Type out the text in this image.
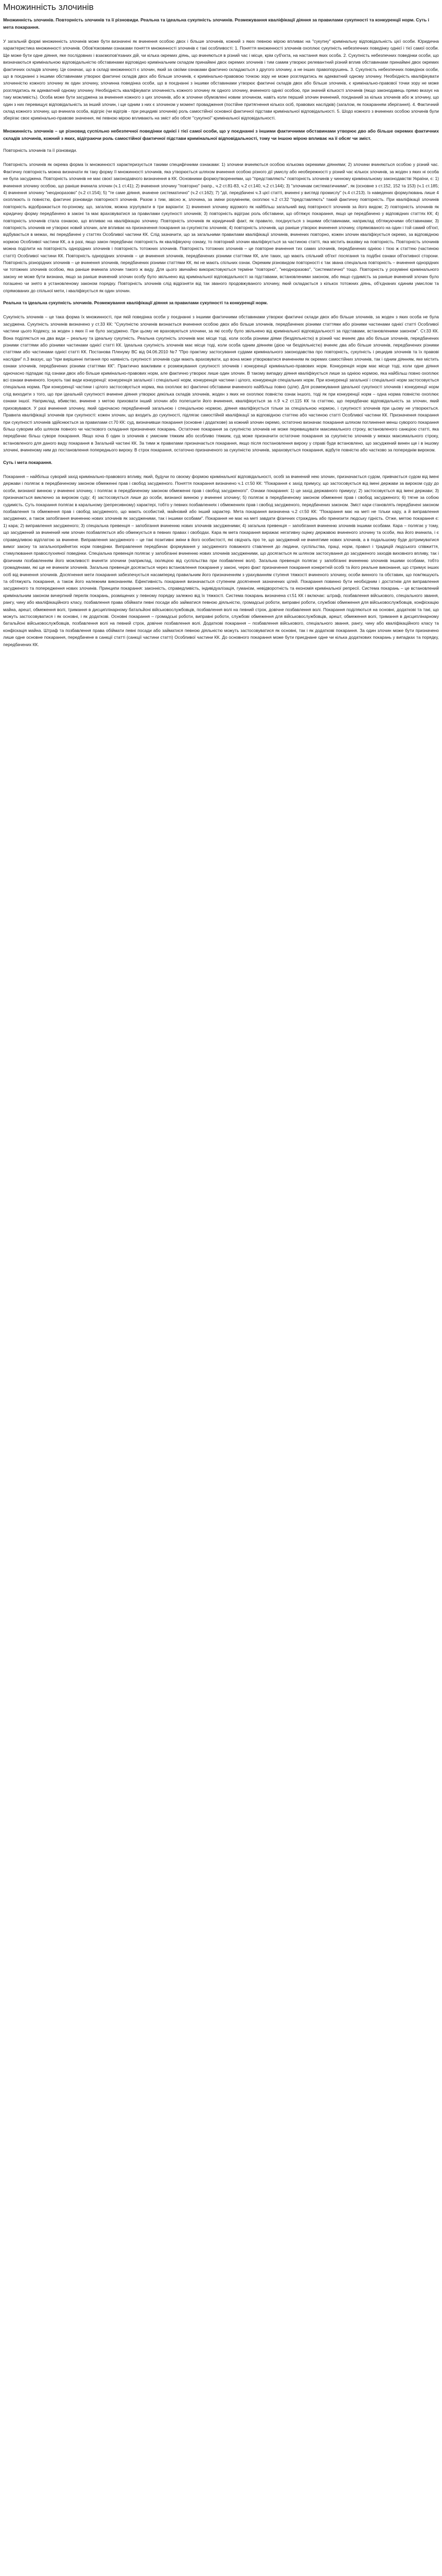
Множинність злочинів

Множинність злочинів. Повторність злочинів та її різновиди. Реальна та ідеальна сукупність злочинів. Розмежування кваліфікації діяння за правилами сукупності та конкуренції норм. Суть і мета покарання.

У загальній формі множинність злочинів може бути визначені як вчинення особою двох і більше злочинів, кожний з яких певною мірою впливає на "сукупну" кримінальну відповідальність цієї особи. Юридична характеристика множинності злочинів. Обов'язковими ознаками поняття множинності злочинів є такі особливості: 1. Поняття множинності злочинів охоплює сукупність небезпечних поведінку однієї і тієї самої особи. Ще може бути одне діяння, яке послідовних і взаємопов'язаних дій, чи кілька окремих діянь, що вчиняються в різний час і місце, крім суб'єкта, на настання яких особа. 2. Сукупність небезпечних поведінки особи, що визначаються кримінальною відповідальністю обставинами відповідно кримінальним складом принаймні двох окремих злочинів і тим самим утворює релевантний різний вплив обставинами принаймні двох окремих фактичних складів злочину. Це означає, що в складі множинності є злочин, який за своїми ознаками фактично складаються з другого злочину, а не інших правопорушень. 3. Сукупність небезпечних поведінок особи, що в поєднанні з іншими обставинами утворює фактичні складів двох або більше злочинів, є кримінально-правовою точкою зору не може розглядатись як адекватний одному злочину. Необхідність кваліфікувати злочинністю кожного злочину як один злочину, злочинна поведінка особи, що в поєднанні з іншими обставинами утворює фактичні складів двох або більше злочинів, є кримінально-правової точки зору не може розглядатись як адекватний одному злочину. Необхідність кваліфікувати злочинність кожного злочину як одного злочину, вчиненого однієї особою, при значній кількості злочинів (якщо законодавець прямо вказує на таку можливість). Особа може бути засуджена за вчинення кожного з цих злочинів, або ж злочини обумовлені новим злочином, навіть коли перший злочин вчинений, поєднаний за кілька злочинів або ж злочину, що один з них перевищує відповідальність за інший злочин, і ще одним з них є злочином у момент провадження (постійне притягнення кількох осіб, правових наслідків) (загалом, як покаранням зберігання). 4. Фактичний склад кожного злочину, що вчинила особа, відігріє (чи відігрів - при рецидиві злочинів) роль самостійної основної фактичної підстави кримінальної відповідальності. 5. Шодо кожного з вчинених особою злочинів були зберігає своє кримінально-правове значення, які певною мірою впливають на зміст або обсяг "сукупної" кримінальної відповідальності.

Множинність злочинів – це різновид суспільно небезпечної поведінки однієї і тієї самої особи, що у поєднанні з іншими фактичними обставинами утворює дво або більше окремих фактичних складів злочинів, кожний з яких, відіграючи роль самостійної фактичної підстави кримінальної відповідальності, тому чи іншою мірою впливає на її обсяг чи зміст.

Повторність злочинів та її різновиди.

Повторність злочинів як окрема форма їх множинності характеризується такими специфічними ознаками: 1) злочини вчиняються особою кількома окремими діяннями; 2) злочини вчиняються особою у різний час. Фактичну повторність можна визначати як таку форму її множинності злочинів, яка утворюється шляхом вчинення особою різного дії умислу або необережності у різний час кількох злочинів, за жоден з яких ні особа не була засуджена. Повторність злочинів не має своєї законодавчого визначення в КК. Основними формоутвореннями, що "представляють" повторність злочинів у чинному кримінальному законодавстві України, є: 1) вчинення злочину особою, що раніше вчинила злочин (ч.1 ст.41); 2) вчинення злочину "повторно" (напр., ч.2 ст.81-83, ч.2 ст.140, ч.2 ст.144); 3) "злочинам систематичними", як (основне з ст.152, 152 та 153) (ч.1 ст.185; 4) вчинення злочину "неодноразово" (ч.2 ст.154); 5) "те саме діяння, вчинене систематично" (ч.2 ст.162); 7) "дії, передбачені ч.3 цієї статті, вчинені у вигляді промислу" (ч.4 ст.213). Із наведених формулювань лише 4 охоплюють із повністю, фактичні різновиди повторності злочинів. Разом з тим, звісно ж, злочина, за зміни розумінням, охоплює ч.2 ст.32 "представляють" такий фактичну повторність. При кваліфікації злочинів повторність відображається по-різному, що, загалом, можна згрупувати в три варіанти: 1) вчинення злочину відомого як найбільш загальний вид повторності злочинів за його видом; 2) повторність злочинів як юридичну форму передбачено в законі та має враховуватися за правилами сукупності злочинів; 3) повторність відіграє роль обставини, що обтяжує покарання, якщо це передбачено у відповідних статтях КК; 4) повторність злочинів стала ознакою, що впливає на кваліфікацію злочину. Повторність злочинів як юридичний факт, як правило, поєднується з іншими обставинами, наприклад обтяжуючими обставинами; 3) повторність злочинів не утворює новий злочин, але впливає на призначення покарання за сукупністю злочинів; 4) повторність злочинів, що раніше утворює вчинення злочину, спрямованого на один і той самий об'єкт, відбувається в межах, які передбачені у статтях Особливої частини КК. Слід зазначити, що за загальними правилами кваліфікації злочинів, вчинених повторно, кожен злочин кваліфікується окремо, за відповідною нормою Особливої частини КК, а в разі, якщо закон передбачає повторність як кваліфікуючу ознаку, то повторний злочин кваліфікується за частиною статті, яка містить вказівку на повторність. Повторність злочинів можна поділити на повторність однорідних злочинів і повторність тотожних злочинів. Повторність тотожних злочинів – це повторне вчинення тих самих злочинів, передбачених однією і тією ж статтею (частиною статті) Особливої частини КК. Повторність однорідних злочинів – це вчинення злочинів, передбачених різними статтями КК, але таких, що мають спільний об'єкт посягання та подібні ознаки об'єктивної сторони. Повторність різнорідних злочинів – це вчинення злочинів, передбачених різними статтями КК, які не мають спільних ознак. Окремим різновидом повторності є так звана спеціальна повторність – вчинення однорідних чи тотожних злочинів особою, яка раніше вчинила злочин такого ж виду. Для цього звичайно використовуються терміни "повторно", "неодноразово", "систематично" тощо. Повторність у розумінні кримінального закону не може бути визнана, якщо за раніше вчинений злочин особу було звільнено від кримінальної відповідальності за підставами, встановленими законом, або якщо судимість за раніше вчинений злочин було погашено чи знято в установленому законом порядку. Повторність злочинів слід відрізняти від так званого продовжуваного злочину, який складається з кількох тотожних діянь, об'єднаних єдиним умислом та спрямованих до спільної мети, і кваліфікується як один злочин.

Реальна та ідеальна сукупність злочинів. Розмежування кваліфікації діяння за правилами сукупності та конкуренції норм.

Сукупність злочинів – це така форма їх множинності, при якій поведінка особи у поєднанні з іншими фактичними обставинами утворює фактичні склади двох або більше злочинів, за жоден з яких особа не була засуджена. Сукупність злочинів визначено у ст.33 КК: "Сукупністю злочинів визнається вчинення особою двох або більше злочинів, передбачених різними статтями або різними частинами однієї статті Особливої частини цього Кодексу, за жоден з яких її не було засуджено. При цьому не враховуються злочини, за які особу було звільнено від кримінальної відповідальності за підставами, встановленими законом". Ст.33 КК. Вона поділяється на два види – реальну та ідеальну сукупність. Реальна сукупність злочинів має місце тоді, коли особа різними діями (бездіяльністю) в різний час вчиняє два або більше злочинів, передбачених різними статтями або різними частинами однієї статті КК. Ідеальна сукупність злочинів має місце тоді, коли особа одним діянням (дією чи бездіяльністю) вчиняє два або більше злочинів, передбачених різними статтями або частинами однієї статті КК. Постанова Пленуму ВС від 04.06.2010 №7 "Про практику застосування судами кримінального законодавства про повторність, сукупність і рецидив злочинів та їх правові наслідки" п.3 вказує, що "при вирішенні питання про наявність сукупності злочинів суди мають враховувати, що вона може утворюватися вчиненням як окремих самостійних злочинів, так і одним діянням, яке містить ознаки злочинів, передбачених різними статтями КК". Практично важливим є розмежування сукупності злочинів і конкуренції кримінально-правових норм. Конкуренція норм має місце тоді, коли одне діяння одночасно підпадає під ознаки двох або більше кримінально-правових норм, але фактично утворює лише один злочин. В такому випадку діяння кваліфікується лише за однією нормою, яка найбільш повно охоплює всі ознаки вчиненого. Існують такі види конкуренції: конкуренція загальної і спеціальної норм, конкуренція частини і цілого, конкуренція спеціальних норм. При конкуренції загальної і спеціальної норм застосовується спеціальна норма. При конкуренції частини і цілого застосовується норма, яка охоплює всі фактичні обставини вчиненого найбільш повно (ціле). Для розмежування ідеальної сукупності злочинів і конкуренції норм слід виходити з того, що при ідеальній сукупності вчинене діяння утворює декілька складів злочинів, жоден з яких не охоплює повністю ознак іншого, тоді як при конкуренції норм – одна норма повністю охоплює ознаки іншої. Наприклад, вбивство, вчинене з метою приховати інший злочин або полегшити його вчинення, кваліфікується за п.9 ч.2 ст.115 КК та статтею, що передбачає відповідальність за злочин, який приховувався. У разі вчинення злочину, який одночасно передбачений загальною і спеціальною нормою, діяння кваліфікується тільки за спеціальною нормою, і сукупності злочинів при цьому не утворюється. Правила кваліфікації злочинів при сукупності: кожен злочин, що входить до сукупності, підлягає самостійній кваліфікації за відповідною статтею або частиною статті Особливої частини КК. Призначення покарання при сукупності злочинів здійснюється за правилами ст.70 КК: суд, визначивши покарання (основне і додаткове) за кожний злочин окремо, остаточно визначає покарання шляхом поглинення менш суворого покарання більш суворим або шляхом повного чи часткового складання призначених покарань. Остаточне покарання за сукупністю злочинів не може перевищувати максимального строку, встановленого санкцією статті, яка передбачає більш суворе покарання. Якщо хоча б один із злочинів є умисним тяжким або особливо тяжким, суд може призначити остаточне покарання за сукупністю злочинів у межах максимального строку, встановленого для даного виду покарання в Загальній частині КК. За тими ж правилами призначається покарання, якщо після постановлення вироку у справі буде встановлено, що засуджений винен ще і в іншому злочині, вчиненому ним до постановлення попереднього вироку. В строк покарання, остаточно призначеного за сукупністю злочинів, зараховується покарання, відбуте повністю або частково за попереднім вироком.

Суть і мета покарання.

Покарання – найбільш суворий захід кримінально-правового впливу, який, будучи по своєму формою кримінальної відповідальності, особі за вчинений нею злочин, призначається судом, привчається судом від імені держави і полягає в передбаченому законом обмеженні прав і свобод засудженого. Поняття покарання визначено ч.1 ст.50 КК: "Покарання є захід примусу, що застосовується від імені держави за вироком суду до особи, визнаної винною у вчиненні злочину, і полягає в передбаченому законом обмеженні прав і свобод засудженого". Ознаки покарання: 1) це захід державного примусу; 2) застосовується від імені держави; 3) призначається виключно за вироком суду; 4) застосовується лише до особи, визнаної винною у вчиненні злочину; 5) полягає в передбаченому законом обмеженні прав і свобод засудженого; 6) тягне за собою судимість. Суть покарання полягає в каральному (репресивному) характері, тобто у певних позбавленнях і обмеженнях прав і свобод засудженого, передбачених законом. Зміст кари становлять передбачені законом позбавлення та обмеження прав і свобод засудженого, що мають особистий, майновий або інший характер. Мета покарання визначена ч.2 ст.50 КК: "Покарання має на меті не тільки кару, а й виправлення засуджених, а також запобігання вчиненню нових злочинів як засудженими, так і іншими особами". Покарання не має на меті завдати фізичних страждань або принизити людську гідність. Отже, метою покарання є: 1) кара; 2) виправлення засудженого; 3) спеціальна превенція – запобігання вчиненню нових злочинів засудженими; 4) загальна превенція – запобігання вчиненню злочинів іншими особами. Кара – полягає у тому, що засуджений за вчинений ним злочин позбавляється або обмежується в певних правах і свободах. Кара як мета покарання виражає негативну оцінку державою вчиненого злочину та особи, яка його вчинила, і є справедливою відплатою за вчинене. Виправлення засудженого – це такі позитивні зміни в його особистості, які свідчать про те, що засуджений не вчинятиме нових злочинів, а в подальшому буде дотримуватися вимог закону та загальноприйнятих норм поведінки. Виправлення передбачає формування у засудженого поважного ставлення до людини, суспільства, праці, норм, правил і традицій людського співжиття, стимулювання правослухняної поведінки. Спеціальна превенція полягає у запобіганні вчиненню нових злочинів засудженими, що досягається як шляхом застосування до засудженого заходів виховного впливу, так і фізичним позбавленням його можливості вчиняти злочини (наприклад, ізоляцією від суспільства при позбавленні волі). Загальна превенція полягає у запобіганні вчиненню злочинів іншими особами, тобто громадянами, які ще не вчинили злочинів. Загальна превенція досягається через встановлення покарання у законі, через факт призначення покарання конкретній особі та його реальне виконання, що стримує інших осіб від вчинення злочинів. Досягнення мети покарання забезпечується насамперед правильним його призначенням з урахуванням ступеня тяжкості вчиненого злочину, особи винного та обставин, що пом'якшують та обтяжують покарання, а також його належним виконанням. Ефективність покарання визначається ступенем досягнення зазначених цілей. Покарання повинно бути необхідним і достатнім для виправлення засудженого та попередження нових злочинів. Принципи покарання: законність, справедливість, індивідуалізація, гуманізм, невідворотність та економія кримінальної репресії. Система покарань – це встановлений кримінальним законом вичерпний перелік покарань, розміщених у певному порядку залежно від їх тяжкості. Система покарань визначена ст.51 КК і включає: штраф, позбавлення військового, спеціального звання, рангу, чину або кваліфікаційного класу, позбавлення права обіймати певні посади або займатися певною діяльністю, громадські роботи, виправні роботи, службові обмеження для військовослужбовців, конфіскацію майна, арешт, обмеження волі, тримання в дисциплінарному батальйоні військовослужбовців, позбавлення волі на певний строк, довічне позбавлення волі. Покарання поділяються на основні, додаткові та такі, що можуть застосовуватися і як основні, і як додаткові. Основні покарання – громадські роботи, виправні роботи, службові обмеження для військовослужбовців, арешт, обмеження волі, тримання в дисциплінарному батальйоні військовослужбовців, позбавлення волі на певний строк, довічне позбавлення волі. Додаткові покарання – позбавлення військового, спеціального звання, рангу, чину або кваліфікаційного класу та конфіскація майна. Штраф та позбавлення права обіймати певні посади або займатися певною діяльністю можуть застосовуватися як основні, так і як додаткові покарання. За один злочин може бути призначено лише одне основне покарання, передбачене в санкції статті (санкції частини статті) Особливої частини КК. До основного покарання може бути приєднане одне чи кілька додаткових покарань у випадках та порядку, передбачених КК.
